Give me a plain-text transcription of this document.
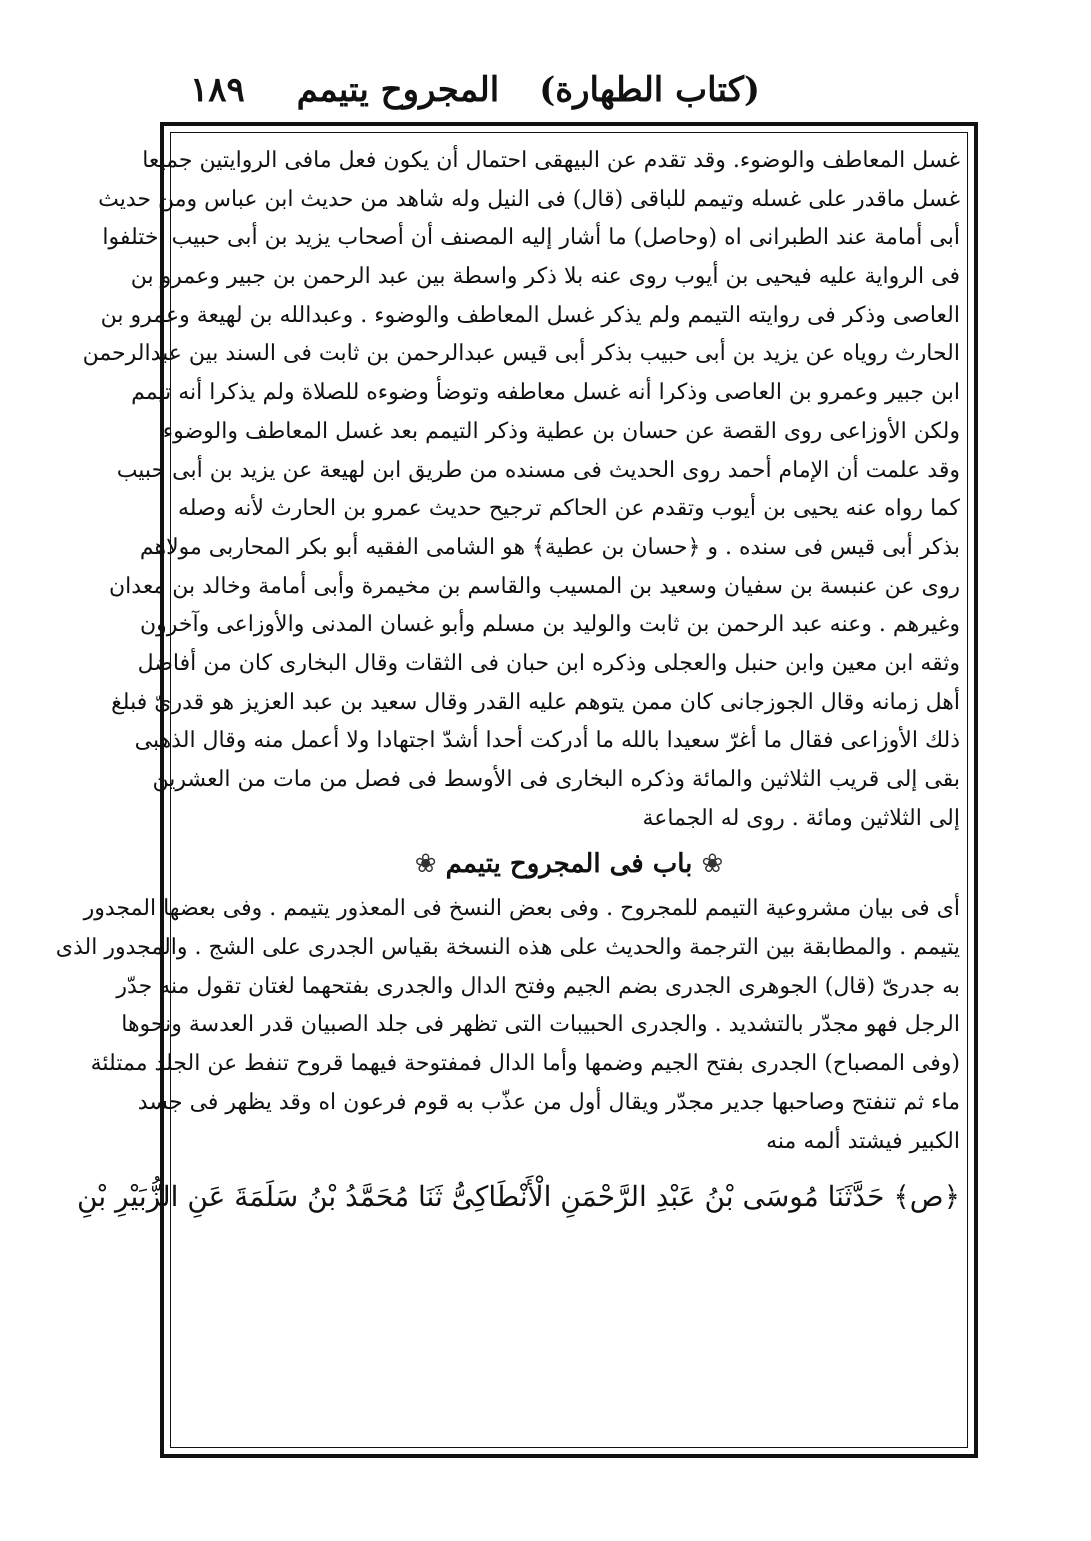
١٨٩	(كتاب الطهارة)المجروح يتيمم
غسل المعاطف والوضوء. وقد تقدم عن البيهقى احتمال أن يكون فعل مافى الروايتين جميعا
غسل ماقدر على غسله وتيمم للباقى (قال) فى النيل وله شاهد من حديث ابن عباس ومن حديث
أبى أمامة عند الطبرانى اه (وحاصل) ما أشار إليه المصنف أن أصحاب يزيد بن أبى حبيب اختلفوا
فى الرواية عليه فيحيى بن أيوب روى عنه بلا ذكر واسطة بين عبد الرحمن بن جبير وعمرو بن
العاصى وذكر فى روايته التيمم ولم يذكر غسل المعاطف والوضوء . وعبدالله بن لهيعة وعمرو بن
الحارث روياه عن يزيد بن أبى حبيب بذكر أبى قيس عبدالرحمن بن ثابت فى السند بين عبدالرحمن
ابن جبير وعمرو بن العاصى وذكرا أنه غسل معاطفه وتوضأ وضوءه للصلاة ولم يذكرا أنه تيمم
ولكن الأوزاعى روى القصة عن حسان بن عطية وذكر التيمم بعد غسل المعاطف والوضوء
وقد علمت أن الإمام أحمد روى الحديث فى مسنده من طريق ابن لهيعة عن يزيد بن أبى حبيب
كما رواه عنه يحيى بن أيوب وتقدم عن الحاكم ترجيح حديث عمرو بن الحارث لأنه وصله
بذكر أبى قيس فى سنده . و ﴿حسان بن عطية﴾ هو الشامى الفقيه أبو بكر المحاربى مولاهم
روى عن عنبسة بن سفيان وسعيد بن المسيب والقاسم بن مخيمرة وأبى أمامة وخالد بن معدان
وغيرهم . وعنه عبد الرحمن بن ثابت والوليد بن مسلم وأبو غسان المدنى والأوزاعى وآخرون
وثقه ابن معين وابن حنبل والعجلى وذكره ابن حبان فى الثقات وقال البخارى كان من أفاضل
أهل زمانه وقال الجوزجانى كان ممن يتوهم عليه القدر وقال سعيد بن عبد العزيز هو قدرىّ فبلغ
ذلك الأوزاعى فقال ما أغرّ سعيدا بالله ما أدركت أحدا أشدّ اجتهادا ولا أعمل منه وقال الذهبى
بقى إلى قريب الثلاثين والمائة وذكره البخارى فى الأوسط فى فصل من مات من العشرين
إلى الثلاثين ومائة . روى له الجماعة
❀ باب فى المجروح يتيمم ❀
أى فى بيان مشروعية التيمم للمجروح . وفى بعض النسخ فى المعذور يتيمم . وفى بعضها المجدور
يتيمم . والمطابقة بين الترجمة والحديث على هذه النسخة بقياس الجدرى على الشج . والمجدور الذى
به جدرىّ (قال) الجوهرى الجدرى بضم الجيم وفتح الدال والجدرى بفتحهما لغتان تقول منه جدّر
الرجل فهو مجدّر بالتشديد . والجدرى الحبيبات التى تظهر فى جلد الصبيان قدر العدسة ونحوها
(وفى المصباح) الجدرى بفتح الجيم وضمها وأما الدال فمفتوحة فيهما قروح تنفط عن الجلد ممتلئة
ماء ثم تنفتح وصاحبها جدير مجدّر ويقال أول من عذّب به قوم فرعون اه وقد يظهر فى جسد
الكبير فيشتد ألمه منه
﴿ص﴾ حَدَّثَنَا مُوسَى بْنُ عَبْدِ الرَّحْمَنِ الْأَنْطَاكِىُّ ثَنَا مُحَمَّدُ بْنُ سَلَمَةَ عَنِ الزُّبَيْرِ بْنِ
